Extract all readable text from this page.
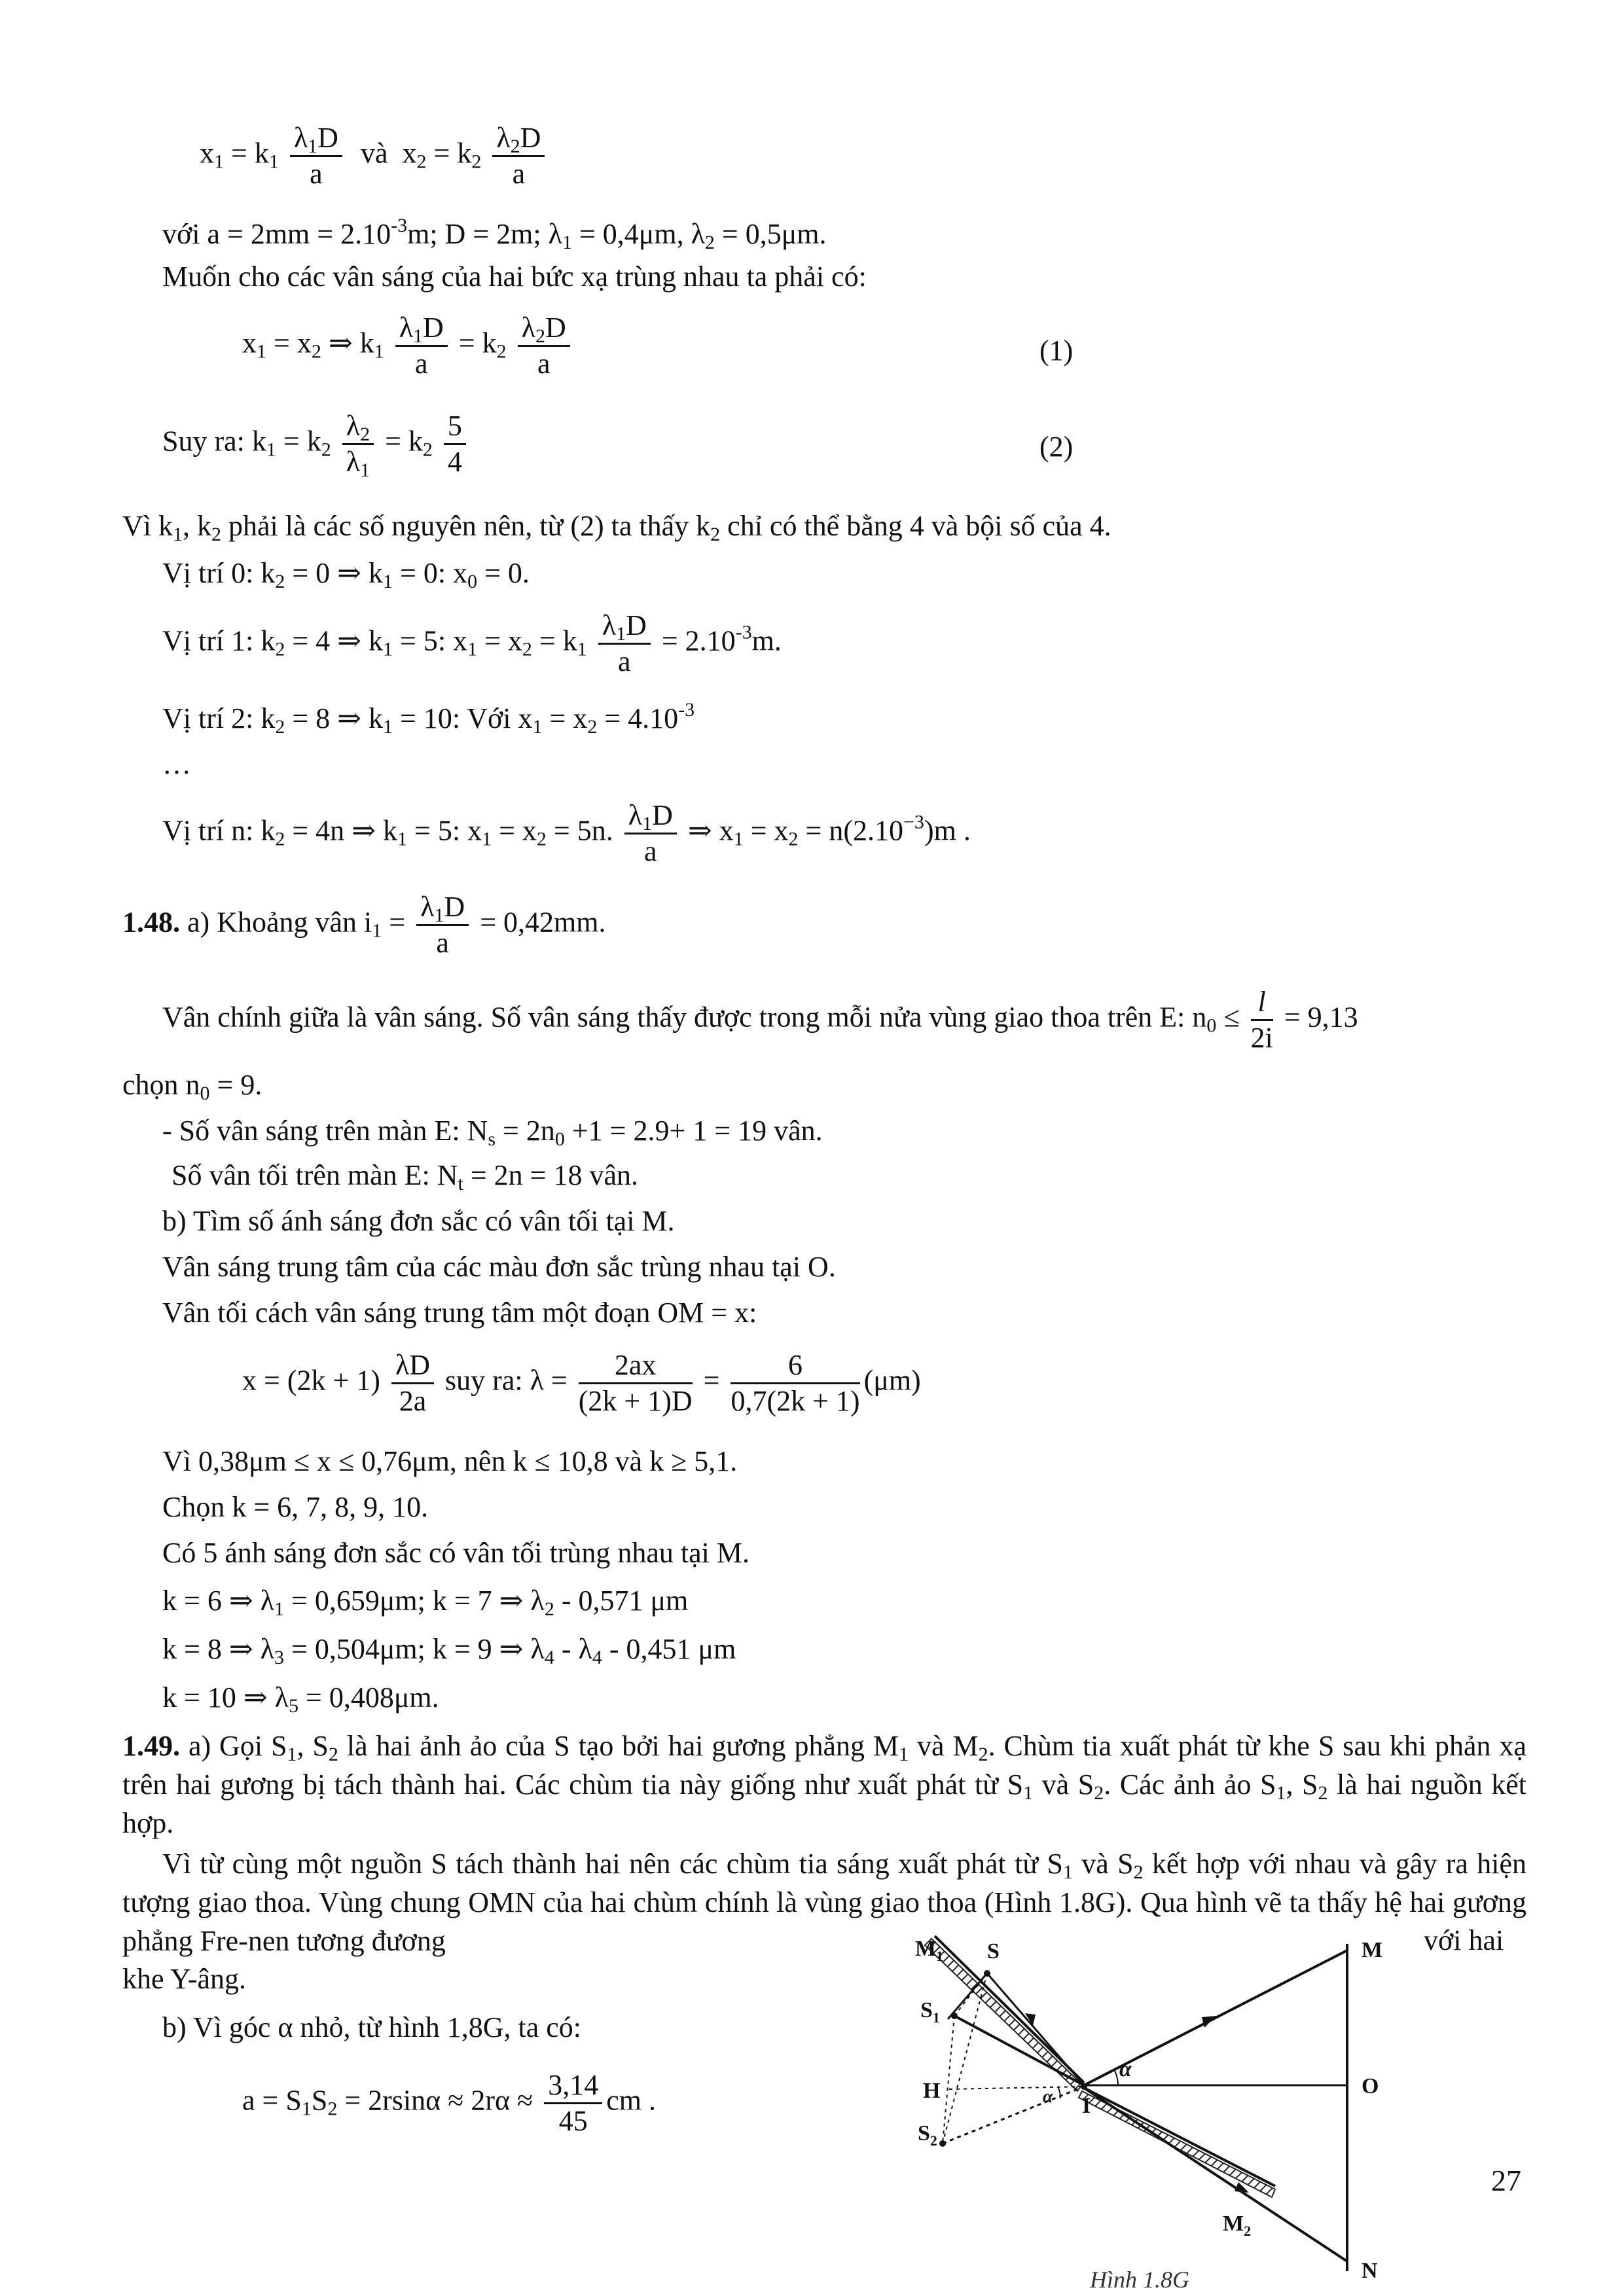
$x_1 = k_1 \frac{\lambda_1D}{a}$ và $x_2 = k_2 \frac{\lambda_2D}{a}$
với $a = 2mm = 2.10^{-3}m$; D = 2m; $\lambda_1 = 0,4\mu m$, $\lambda_2 = 0,5\mu m$.
Muốn cho các vân sáng của hai bức xạ trùng nhau ta phải có:
$x_1 = x_2$ ⇒ $k_1 \frac{\lambda_1D}{a} = k_2 \frac{\lambda_2D}{a}$	(1)
Suy ra: $k_1 = k_2 \frac{\lambda_2}{\lambda_1} = k_2 \frac{5}{4}$	(2)
Vì $k_1$, $k_2$ phải là các số nguyên nên, từ (2) ta thấy $k_2$ chỉ có thể bằng 4 và bội số của 4.
Vị trí 0: $k_2 = 0$ ⇒ $k_1 = 0$: $x_0 = 0$.
Vị trí 1: $k_2 = 4$ ⇒ $k_1 = 5$: $x_1 = x_2 = k_1 \frac{\lambda_1D}{a} = 2.10^{-3}m$.
Vị trí 2: $k_2 = 8$ ⇒ $k_1 = 10$: Với $x_1 = x_2 = 4.10^{-3}$
…
Vị trí n: $k_2 = 4n$ ⇒ $k_1 = 5$: $x_1 = x_2 = 5n$. $\frac{\lambda_1D}{a}$ ⇒ $x_1 = x_2 = n(2.10^{-3})m$ .
1.48. a) Khoảng vân $i_1 = \frac{\lambda_1D}{a} = 0,42mm$.
Vân chính giữa là vân sáng. Số vân sáng thấy được trong mỗi nửa vùng giao thoa trên E: $n_0 \le \frac{l}{2i} = 9,13$
chọn $n_0 = 9$.
- Số vân sáng trên màn E: $N_s = 2n_0 +1 = 2.9+ 1 = 19$ vân.
Số vân tối trên màn E: $N_t = 2n = 18$ vân.
b) Tìm số ánh sáng đơn sắc có vân tối tại M.
Vân sáng trung tâm của các màu đơn sắc trùng nhau tại O.
Vân tối cách vân sáng trung tâm một đoạn OM = x:
$x = (2k + 1) \frac{\lambda D}{2a}$ suy ra: $\lambda = \frac{2ax}{(2k + 1)D} = \frac{6}{0,7(2k + 1)} (\mu m)$
Vì 0,38μm ≤ x ≤ 0,76μm, nên k ≤ 10,8 và k ≥ 5,1.
Chọn k = 6, 7, 8, 9, 10.
Có 5 ánh sáng đơn sắc có vân tối trùng nhau tại M.
k = 6 ⇒ $\lambda_1 = 0,659\mu m$; k = 7 ⇒ $\lambda_2 - 0,571$ μm
k = 8 ⇒ $\lambda_3 = 0,504\mu m$; k = 9 ⇒ $\lambda_4 - \lambda_4 - 0,451$ μm
k = 10 ⇒ $\lambda_5 = 0,408\mu m$.
1.49. a) Gọi $S_1$, $S_2$ là hai ảnh ảo của S tạo bởi hai gương phẳng $M_1$ và $M_2$. Chùm tia xuất phát từ khe S sau khi phản xạ trên hai gương bị tách thành hai. Các chùm tia này giống như xuất phát từ $S_1$ và $S_2$. Các ảnh ảo $S_1$, $S_2$ là hai nguồn kết hợp.
Vì từ cùng một nguồn S tách thành hai nên các chùm tia sáng xuất phát từ $S_1$ và $S_2$ kết hợp với nhau và gây ra hiện tượng giao thoa. Vùng chung OMN của hai chùm chính là vùng giao thoa (Hình 1.8G). Qua hình vẽ ta thấy hệ hai gương phẳng Fre-nen tương đương	với hai
khe Y-âng.
b) Vì góc α nhỏ, từ hình 1,8G, ta có:
$a = S_1S_2 = 2rsin\alpha \approx 2r\alpha \approx \frac{3,14}{45}$ cm .
$M_1$ S
$S_1$
H
$S_2$
I
α
α
M
O
N
$M_2$
Hình 1.8G
27
